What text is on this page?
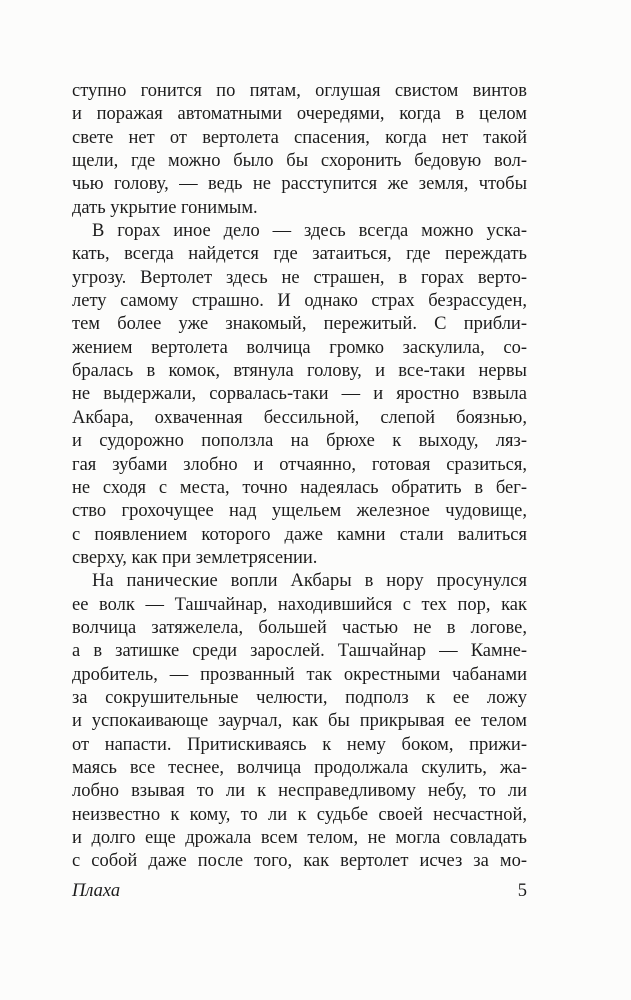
ступно гонится по пятам, оглушая свистом винтов
и поражая автоматными очередями, когда в целом
свете нет от вертолета спасения, когда нет такой
щели, где можно было бы схоронить бедовую вол-
чью голову, — ведь не расступится же земля, чтобы
дать укрытие гонимым.
В горах иное дело — здесь всегда можно уска-
кать, всегда найдется где затаиться, где переждать
угрозу. Вертолет здесь не страшен, в горах верто-
лету самому страшно. И однако страх безрассуден,
тем более уже знакомый, пережитый. С прибли-
жением вертолета волчица громко заскулила, со-
бралась в комок, втянула голову, и все-таки нервы
не выдержали, сорвалась-таки — и яростно взвыла
Акбара, охваченная бессильной, слепой боязнью,
и судорожно поползла на брюхе к выходу, ляз-
гая зубами злобно и отчаянно, готовая сразиться,
не сходя с места, точно надеялась обратить в бег-
ство грохочущее над ущельем железное чудовище,
с появлением которого даже камни стали валиться
сверху, как при землетрясении.
На панические вопли Акбары в нору просунулся
ее волк — Ташчайнар, находившийся с тех пор, как
волчица затяжелела, большей частью не в логове,
а в затишке среди зарослей. Ташчайнар — Камне-
дробитель, — прозванный так окрестными чабанами
за сокрушительные челюсти, подполз к ее ложу
и успокаивающе заурчал, как бы прикрывая ее телом
от напасти. Притискиваясь к нему боком, прижи-
маясь все теснее, волчица продолжала скулить, жа-
лобно взывая то ли к несправедливому небу, то ли
неизвестно к кому, то ли к судьбе своей несчастной,
и долго еще дрожала всем телом, не могла совладать
с собой даже после того, как вертолет исчез за мо-
Плаха	5
